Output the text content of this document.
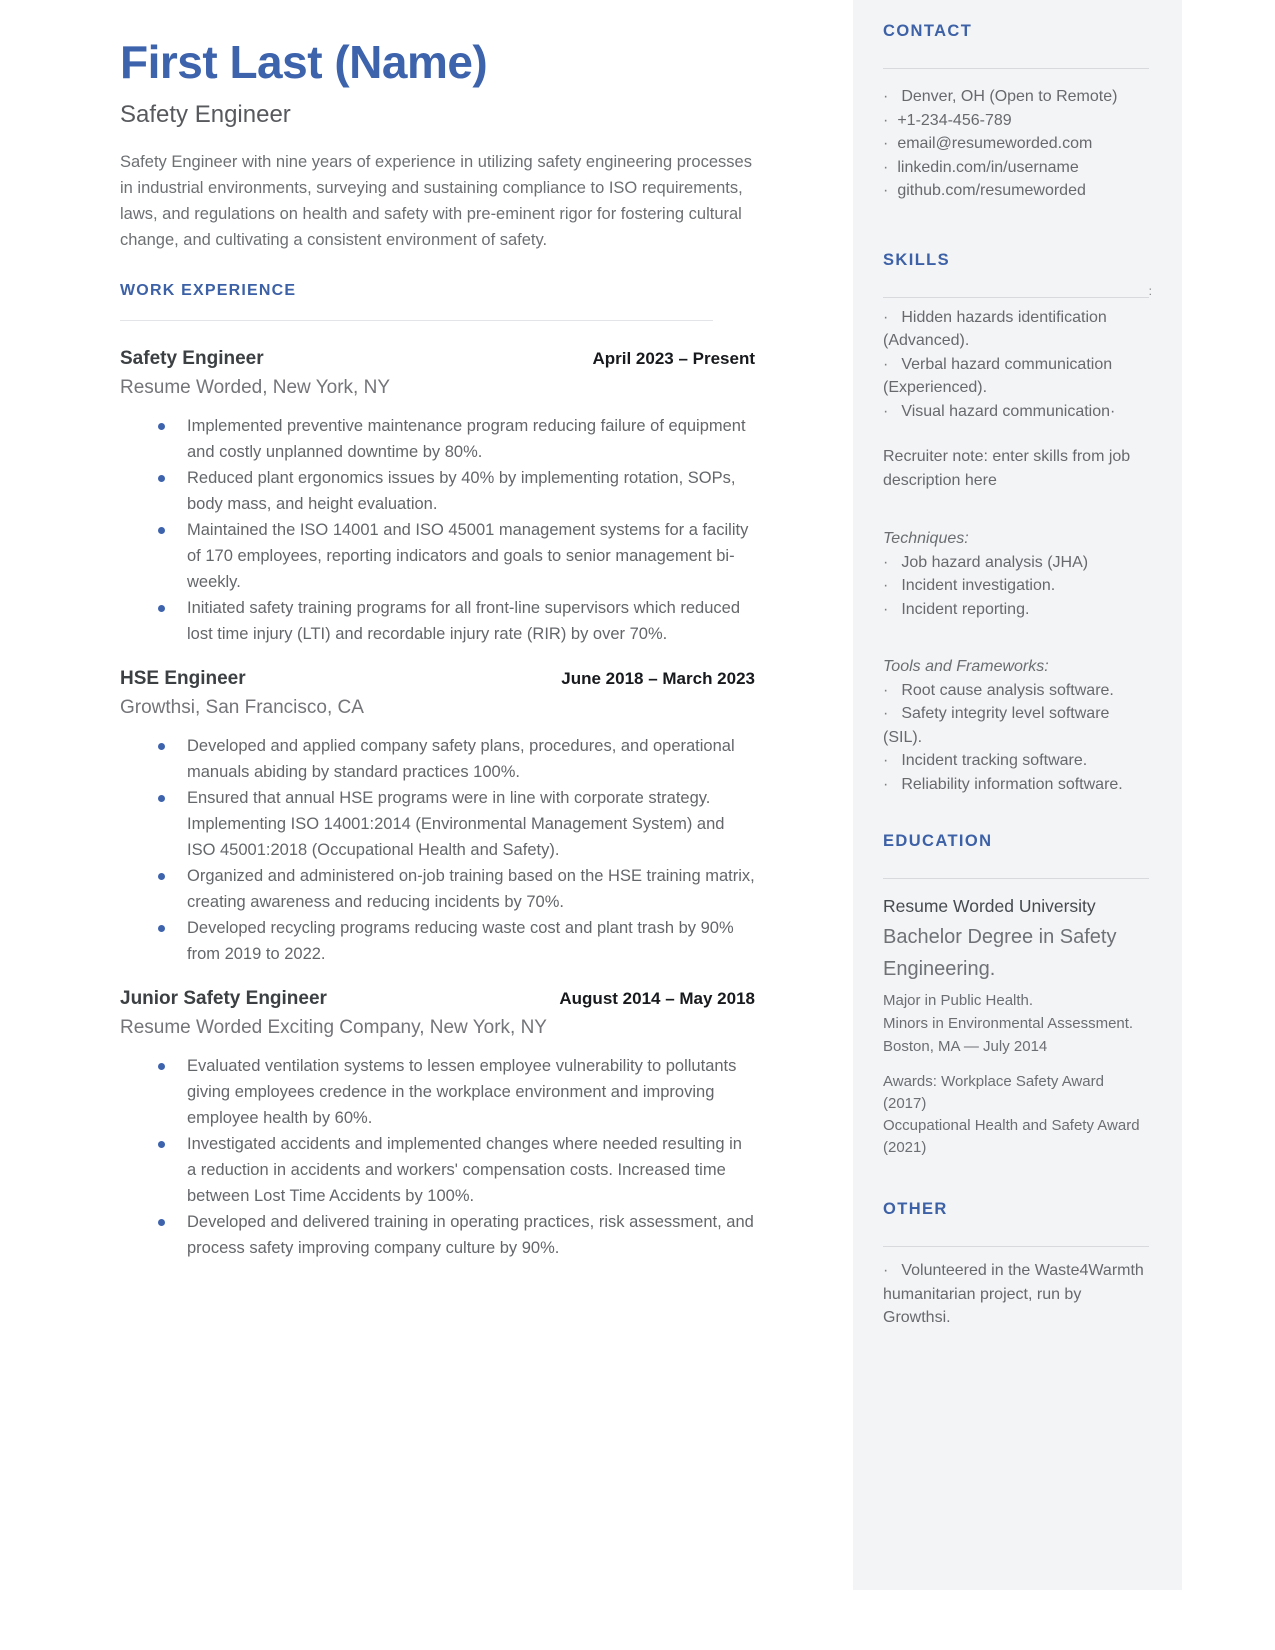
First Last (Name)
Safety Engineer

Safety Engineer with nine years of experience in utilizing safety engineering processes in industrial environments, surveying and sustaining compliance to ISO requirements, laws, and regulations on health and safety with pre-eminent rigor for fostering cultural change, and cultivating a consistent environment of safety.

WORK EXPERIENCE
Safety Engineer	April 2023 – Present
Resume Worded, New York, NY
Implemented preventive maintenance program reducing failure of equipment and costly unplanned downtime by 80%.
Reduced plant ergonomics issues by 40% by implementing rotation, SOPs, body mass, and height evaluation.
Maintained the ISO 14001 and ISO 45001 management systems for a facility of 170 employees, reporting indicators and goals to senior management bi-weekly.
Initiated safety training programs for all front-line supervisors which reduced lost time injury (LTI) and recordable injury rate (RIR) by over 70%.
HSE Engineer	June 2018 – March 2023
Growthsi, San Francisco, CA
Developed and applied company safety plans, procedures, and operational manuals abiding by standard practices 100%.
Ensured that annual HSE programs were in line with corporate strategy. Implementing ISO 14001:2014 (Environmental Management System) and ISO 45001:2018 (Occupational Health and Safety).
Organized and administered on-job training based on the HSE training matrix, creating awareness and reducing incidents by 70%.
Developed recycling programs reducing waste cost and plant trash by 90% from 2019 to 2022.
Junior Safety Engineer	August 2014 – May 2018
Resume Worded Exciting Company, New York, NY
Evaluated ventilation systems to lessen employee vulnerability to pollutants giving employees credence in the workplace environment and improving employee health by 60%.
Investigated accidents and implemented changes where needed resulting in a reduction in accidents and workers' compensation costs. Increased time between Lost Time Accidents by 100%.
Developed and delivered training in operating practices, risk assessment, and process safety improving company culture by 90%.
CONTACT
· Denver, OH (Open to Remote)
· +1-234-456-789
· email@resumeworded.com
· linkedin.com/in/username
· github.com/resumeworded
SKILLS
:
· Hidden hazards identification (Advanced).
· Verbal hazard communication (Experienced).
· Visual hazard communication·
Recruiter note: enter skills from job description here
Techniques:
· Job hazard analysis (JHA)
· Incident investigation.
· Incident reporting.
Tools and Frameworks:
· Root cause analysis software.
· Safety integrity level software (SIL).
· Incident tracking software.
· Reliability information software.
EDUCATION
Resume Worded University
Bachelor Degree in Safety Engineering.
Major in Public Health.
Minors in Environmental Assessment.
Boston, MA — July 2014
Awards: Workplace Safety Award (2017)
Occupational Health and Safety Award (2021)
OTHER
· Volunteered in the Waste4Warmth humanitarian project, run by Growthsi.
